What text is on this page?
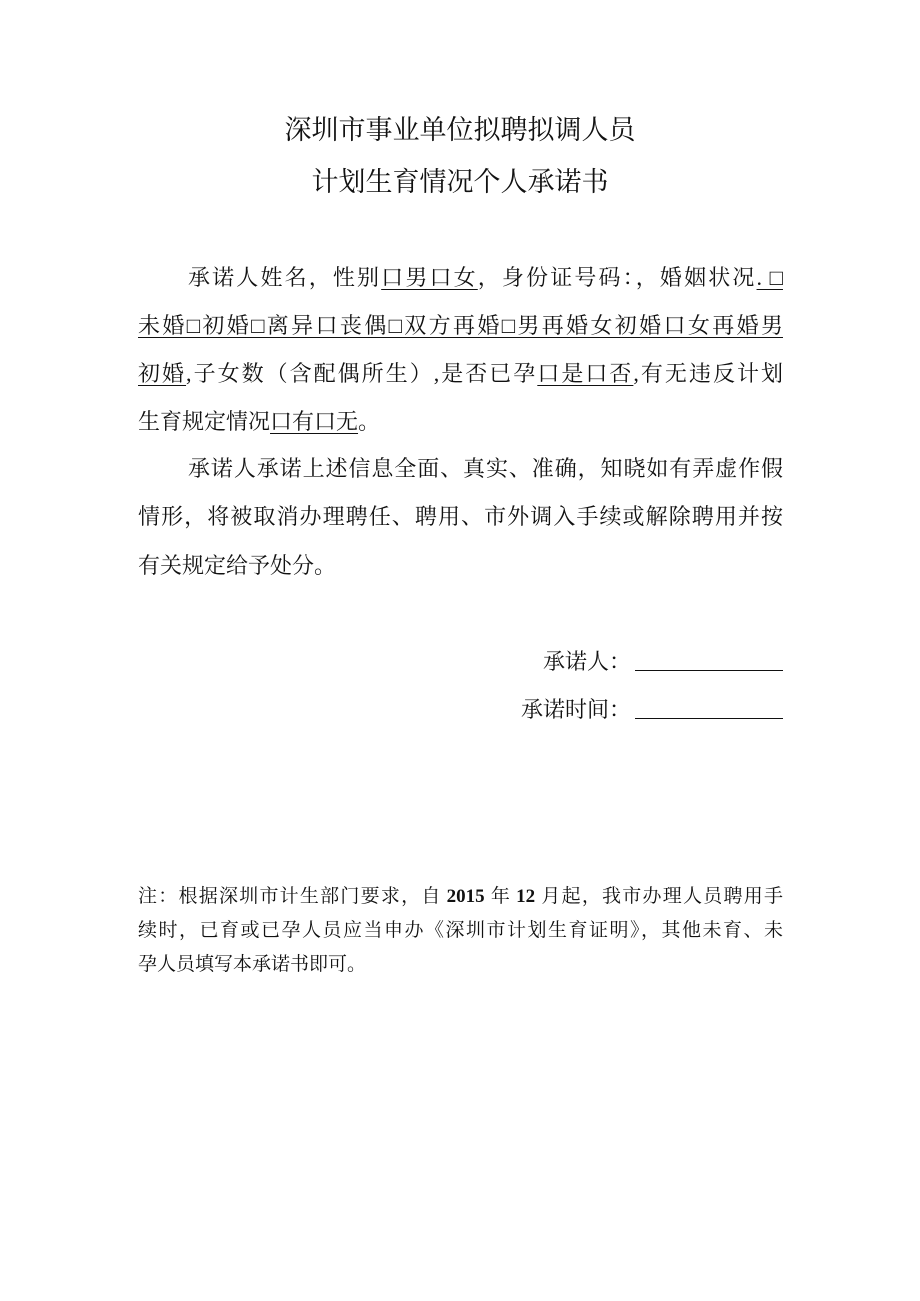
深圳市事业单位拟聘拟调人员
计划生育情况个人承诺书
承诺人姓名，性别口男口女，身份证号码：，婚姻状况. □
未婚□初婚□离异口丧偶□双方再婚□男再婚女初婚口女再婚男
初婚,子女数（含配偶所生）,是否已孕口是口否,有无违反计划
生育规定情况口有口无。
承诺人承诺上述信息全面、真实、准确，知晓如有弄虚作假
情形，将被取消办理聘任、聘用、市外调入手续或解除聘用并按
有关规定给予处分。
承诺人：
承诺时间：
注：根据深圳市计生部门要求，自 2015 年 12 月起，我市办理人员聘用手
续时，已育或已孕人员应当申办《深圳市计划生育证明》，其他未育、未
孕人员填写本承诺书即可。
